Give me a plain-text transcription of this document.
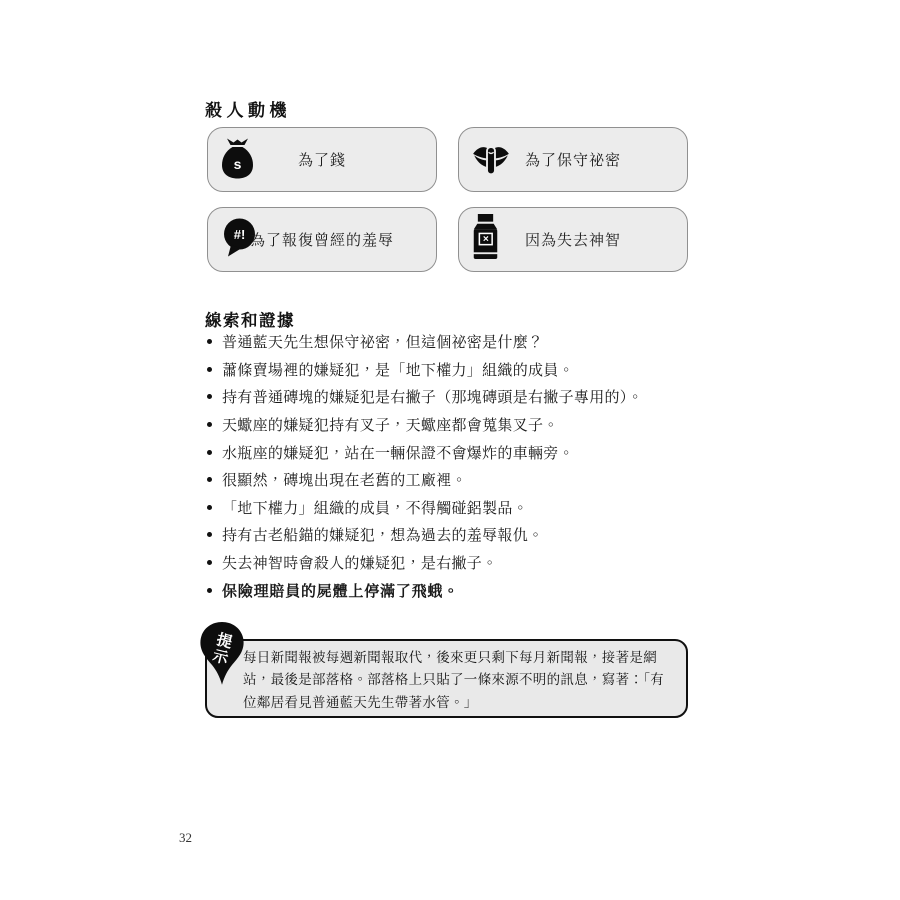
殺人動機
s	為了錢	為了保守祕密
#! 為了報復曾經的羞辱	×	因為失去神智
線索和證據
普通藍天先生想保守祕密，但這個祕密是什麼？
蕭條賣場裡的嫌疑犯，是「地下權力」組織的成員。
持有普通磚塊的嫌疑犯是右撇子（那塊磚頭是右撇子專用的）。
天蠍座的嫌疑犯持有叉子，天蠍座都會蒐集叉子。
水瓶座的嫌疑犯，站在一輛保證不會爆炸的車輛旁。
很顯然，磚塊出現在老舊的工廠裡。
「地下權力」組織的成員，不得觸碰鋁製品。
持有古老船錨的嫌疑犯，想為過去的羞辱報仇。
失去神智時會殺人的嫌疑犯，是右撇子。
保險理賠員的屍體上停滿了飛蛾。
每日新聞報被每週新聞報取代，後來更只剩下每月新聞報，接著是網站，最後是部落格。部落格上只貼了一條來源不明的訊息，寫著：「有位鄰居看見普通藍天先生帶著水管。」
提
示
32
